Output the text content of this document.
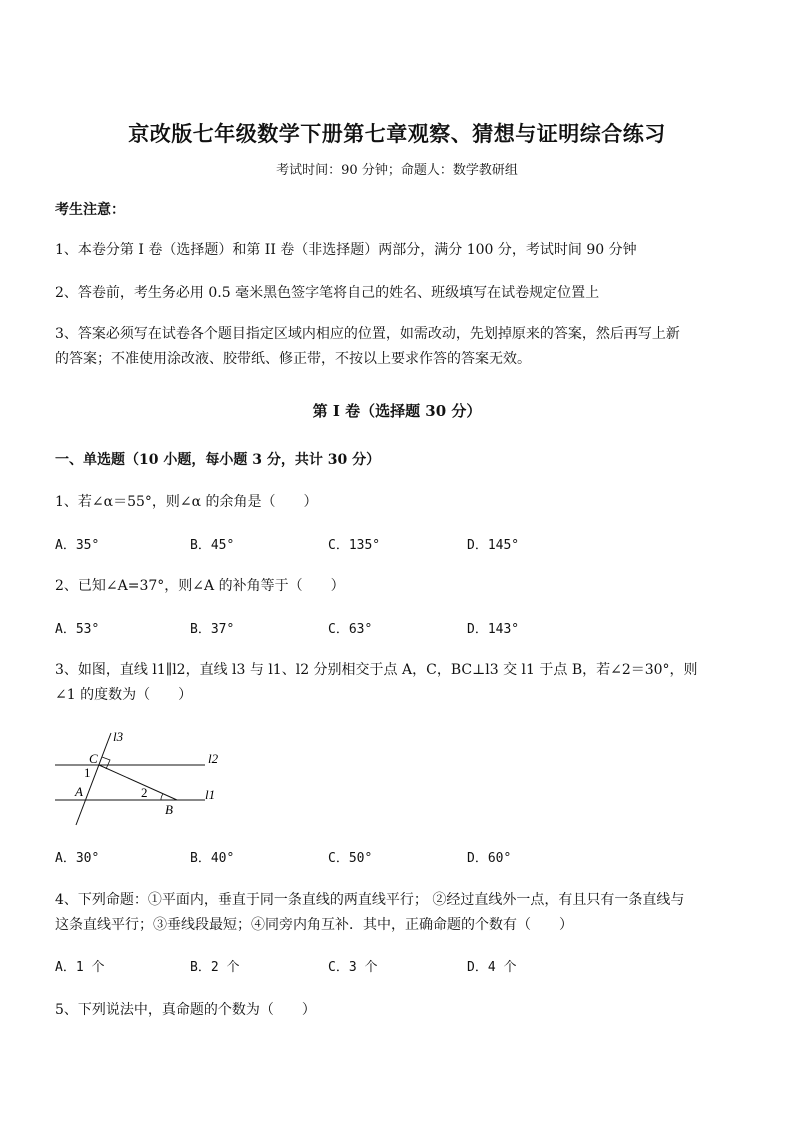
京改版七年级数学下册第七章观察、猜想与证明综合练习
考试时间：90 分钟；命题人：数学教研组
考生注意：
1、本卷分第 I 卷（选择题）和第 II 卷（非选择题）两部分，满分 100 分，考试时间 90 分钟
2、答卷前，考生务必用 0.5 毫米黑色签字笔将自己的姓名、班级填写在试卷规定位置上
3、答案必须写在试卷各个题目指定区域内相应的位置，如需改动，先划掉原来的答案，然后再写上新
的答案；不准使用涂改液、胶带纸、修正带，不按以上要求作答的答案无效。
第 I 卷（选择题 30 分）
一、单选题（10 小题，每小题 3 分，共计 30 分）
1、若∠α＝55°，则∠α 的余角是（　　）
A．35°	B．45°	C．135°	D．145°
2、已知∠A=37°，则∠A 的补角等于（　　）
A．53°	B．37°	C．63°	D．143°
3、如图，直线 l1∥l2，直线 l3 与 l1、l2 分别相交于点 A，C，BC⊥l3 交 l1 于点 B，若∠2＝30°，则
∠1 的度数为（　　）
l3
l2
l1
C
A
B
1
2
A．30°	B．40°	C．50°	D．60°
4、下列命题：①平面内，垂直于同一条直线的两直线平行； ②经过直线外一点，有且只有一条直线与
这条直线平行；③垂线段最短；④同旁内角互补．其中，正确命题的个数有（　　）
A．1 个	B．2 个	C．3 个	D．4 个
5、下列说法中，真命题的个数为（　　）
